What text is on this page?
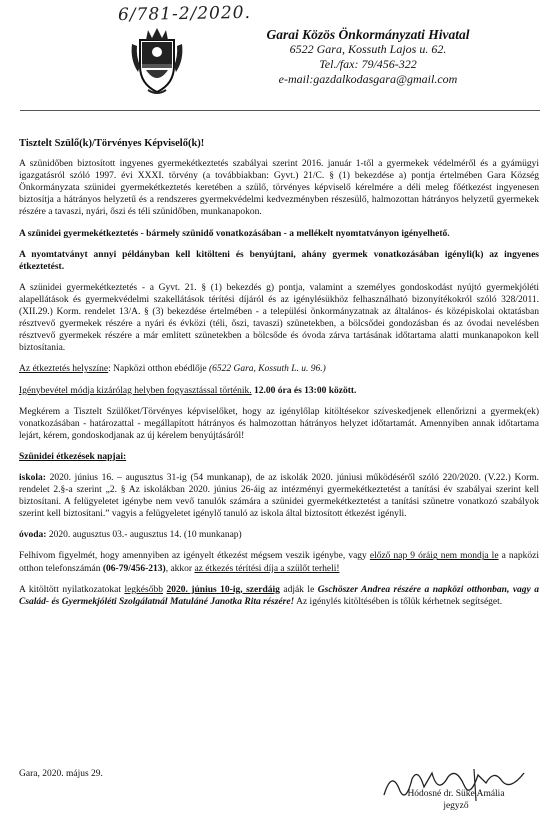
6/781-2/2020.
Garai Közös Önkormányzati Hivatal
6522 Gara, Kossuth Lajos u. 62.
Tel./fax: 79/456-322
e-mail:gazdalkodasgara@gmail.com

Tisztelt Szülő(k)/Törvényes Képviselő(k)!

A szünidőben biztosított ingyenes gyermekétkeztetés szabályai szerint 2016. január 1-től a gyermekek védelméről és a gyámügyi igazgatásról szóló 1997. évi XXXI. törvény (a továbbiakban: Gyvt.) 21/C. § (1) bekezdése a) pontja értelmében Gara Község Önkormányzata szünidei gyermekétkeztetés keretében a szülő, törvényes képviselő kérelmére a déli meleg főétkezést ingyenesen biztosítja a hátrányos helyzetű és a rendszeres gyermekvédelmi kedvezményben részesülő, halmozottan hátrányos helyzetű gyermekek részére a tavaszi, nyári, őszi és téli szünidőben, munkanapokon.

A szünidei gyermekétkeztetés - bármely szünidő vonatkozásában - a mellékelt nyomtatványon igényelhető.

A nyomtatványt annyi példányban kell kitölteni és benyújtani, ahány gyermek vonatkozásában igényli(k) az ingyenes étkeztetést.

A szünidei gyermekétkeztetés - a Gyvt. 21. § (1) bekezdés g) pontja, valamint a személyes gondoskodást nyújtó gyermekjóléti alapellátások és gyermekvédelmi szakellátások térítési díjáról és az igénylésükhöz felhasználható bizonyítékokról szóló 328/2011.(XII.29.) Korm. rendelet 13/A. § (3) bekezdése értelmében - a települési önkormányzatnak az általános- és középiskolai oktatásban résztvevő gyermekek részére a nyári és évközi (téli, őszi, tavaszi) szünetekben, a bölcsődei gondozásban és az óvodai nevelésben résztvevő gyermekek részére a már említett szünetekben a bölcsőde és óvoda zárva tartásának időtartama alatti munkanapokon kell biztosítania.

Az étkeztetés helyszíne: Napközi otthon ebédlője (6522 Gara, Kossuth L. u. 96.)

Igénybevétel módja kizárólag helyben fogyasztással történik. 12.00 óra és 13:00 között.

Megkérem a Tisztelt Szülőket/Törvényes képviselőket, hogy az igénylőlap kitöltésekor szíveskedjenek ellenőrizni a gyermek(ek) vonatkozásában - határozattal - megállapított hátrányos és halmozottan hátrányos helyzet időtartamát. Amennyiben annak időtartama lejárt, kérem, gondoskodjanak az új kérelem benyújtásáról!

Szünidei étkezések napjai:

iskola: 2020. június 16. – augusztus 31-ig (54 munkanap), de az iskolák 2020. júniusi működéséről szóló 220/2020. (V.22.) Korm. rendelet 2.§-a szerint „2. § Az iskolákban 2020. június 26-áig az intézményi gyermekétkeztetést a tanítási év szabályai szerint kell biztosítani. A felügyeletet igénybe nem vevő tanulók számára a szünidei gyermekétkeztetést a tanítási szünetre vonatkozó szabályok szerint kell biztosítani.” vagyis a felügyeletet igénylő tanuló az iskola által biztosított étkezést igényli.

óvoda: 2020. augusztus 03.- augusztus 14. (10 munkanap)

Felhívom figyelmét, hogy amennyiben az igényelt étkezést mégsem veszik igénybe, vagy előző nap 9 óráig nem mondja le a napközi otthon telefonszámán (06-79/456-213), akkor az étkezés térítési díja a szülőt terheli!

A kitöltött nyilatkozatokat legkésőbb 2020. június 10-ig, szerdáig adják le Gschöszer Andrea részére a napközi otthonban, vagy a Család- és Gyermekjóléti Szolgálatnál Matuláné Janotka Rita részére! Az igénylés kitöltésében is tőlük kérhetnek segítséget.

Gara, 2020. május 29.
Hódosné dr. Süke Amália
jegyző
